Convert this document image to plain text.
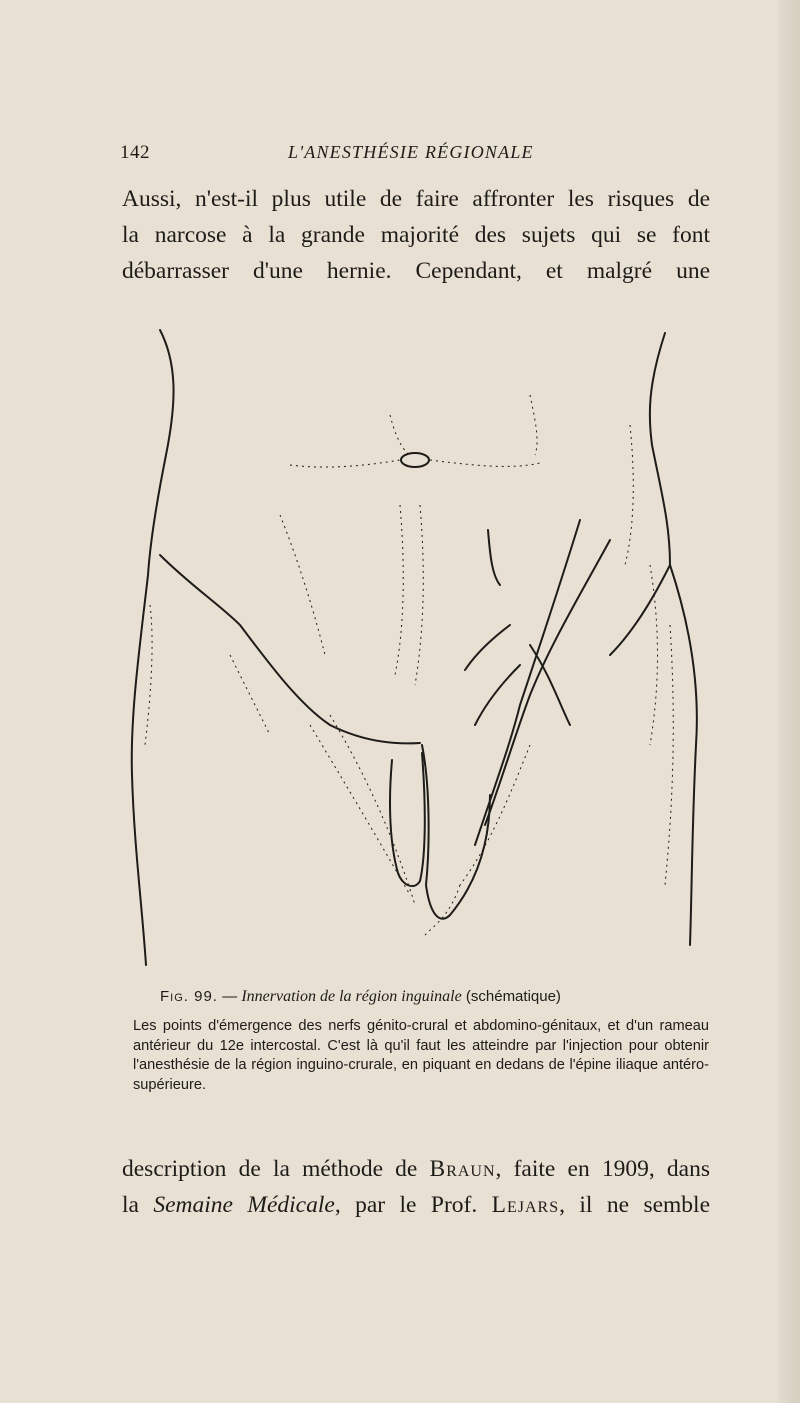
142	L'ANESTHÉSIE RÉGIONALE
Aussi, n'est-il plus utile de faire affronter les risques de
la narcose à la grande majorité des sujets qui se font
débarrasser d'une hernie. Cependant, et malgré une
Fig. 99. — Innervation de la région inguinale (schématique)
Les points d'émergence des nerfs génito-crural et abdomino-génitaux, et d'un rameau antérieur du 12e intercostal. C'est là qu'il faut les atteindre par l'injection pour obtenir l'anesthésie de la région inguino-crurale, en piquant en dedans de l'épine iliaque antéro-supérieure.
description de la méthode de Braun, faite en 1909, dans
la Semaine Médicale, par le Prof. Lejars, il ne semble
